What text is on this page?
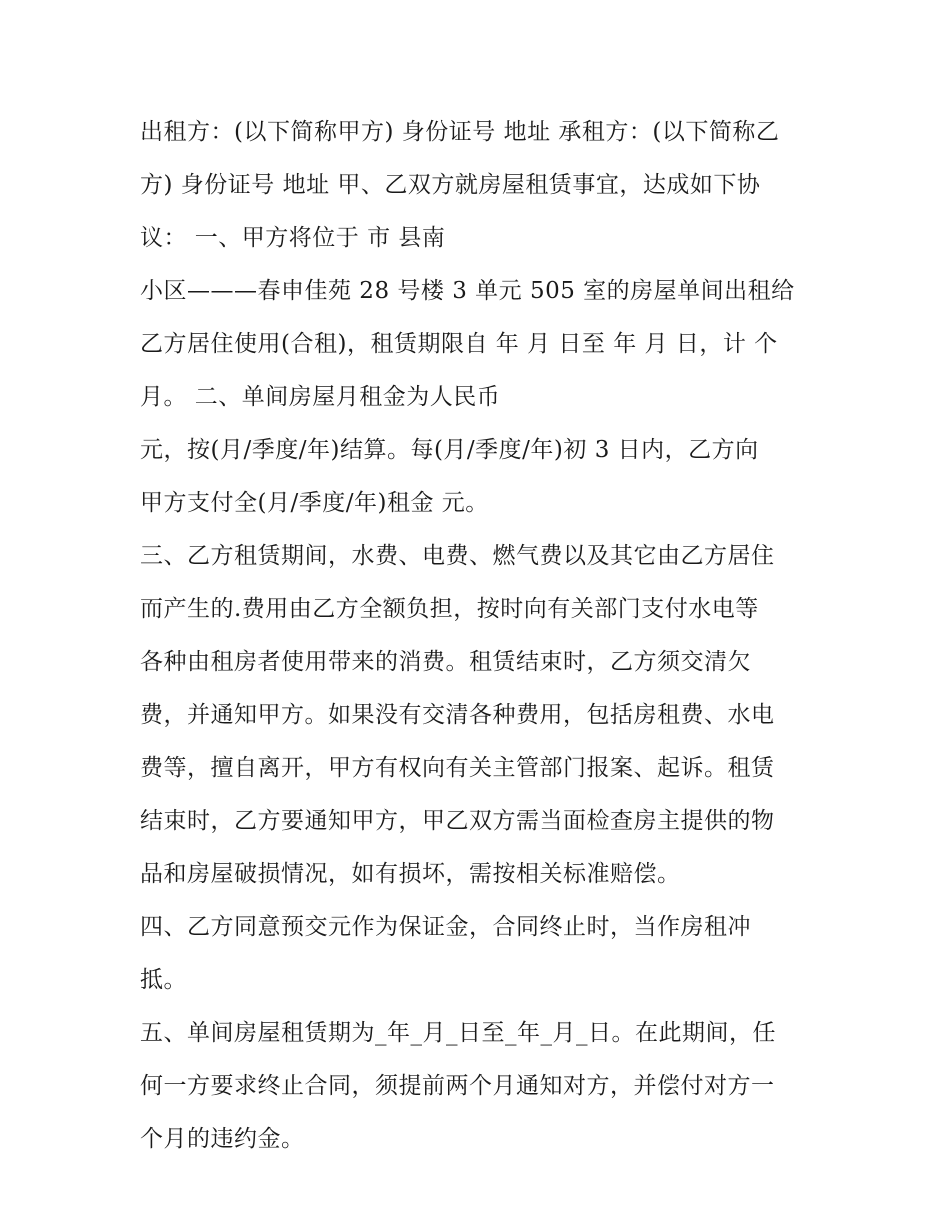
出租方：(以下简称甲方) 身份证号 地址 承租方：(以下简称乙
方) 身份证号 地址 甲、乙双方就房屋租赁事宜，达成如下协
议： 一、甲方将位于 市 县南
小区———春申佳苑 28 号楼 3 单元 505 室的房屋单间出租给
乙方居住使用(合租)，租赁期限自 年 月 日至 年 月 日，计 个
月。 二、单间房屋月租金为人民币
元，按(月/季度/年)结算。每(月/季度/年)初 3 日内，乙方向
甲方支付全(月/季度/年)租金 元。
三、乙方租赁期间，水费、电费、燃气费以及其它由乙方居住
而产生的.费用由乙方全额负担，按时向有关部门支付水电等
各种由租房者使用带来的消费。租赁结束时，乙方须交清欠
费，并通知甲方。如果没有交清各种费用，包括房租费、水电
费等，擅自离开，甲方有权向有关主管部门报案、起诉。租赁
结束时，乙方要通知甲方，甲乙双方需当面检查房主提供的物
品和房屋破损情况，如有损坏，需按相关标准赔偿。
四、乙方同意预交元作为保证金，合同终止时，当作房租冲
抵。
五、单间房屋租赁期为_年_月_日至_年_月_日。在此期间，任
何一方要求终止合同，须提前两个月通知对方，并偿付对方一
个月的违约金。
